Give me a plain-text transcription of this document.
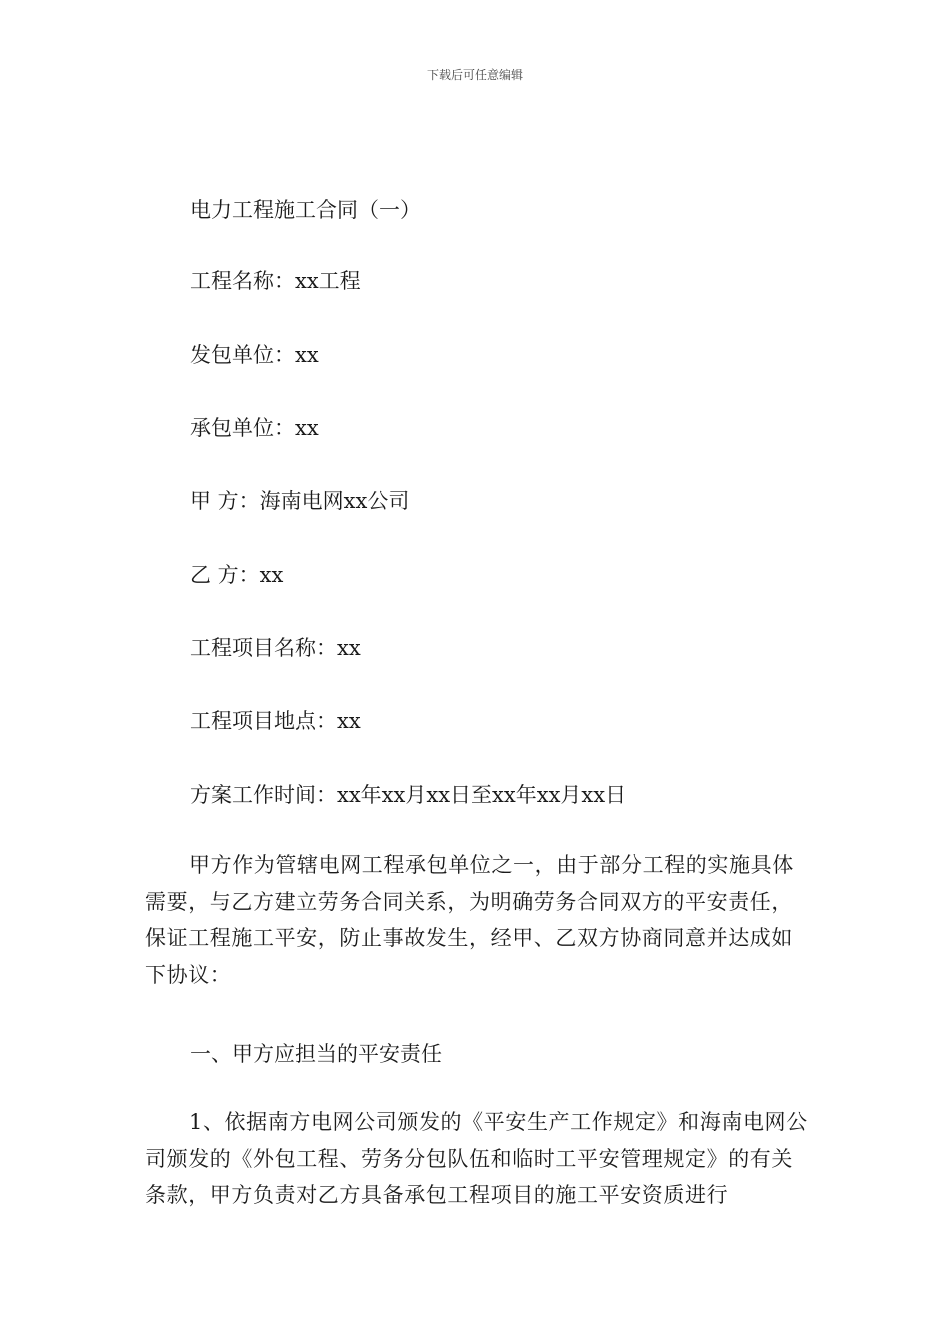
下载后可任意编辑
电力工程施工合同（一）
工程名称：xx工程
发包单位：xx
承包单位：xx
甲 方：海南电网xx公司
乙 方：xx
工程项目名称：xx
工程项目地点：xx
方案工作时间：xx年xx月xx日至xx年xx月xx日
甲方作为管辖电网工程承包单位之一，由于部分工程的实施具体需要，与乙方建立劳务合同关系，为明确劳务合同双方的平安责任，保证工程施工平安，防止事故发生，经甲、乙双方协商同意并达成如下协议：
一、甲方应担当的平安责任
1、依据南方电网公司颁发的《平安生产工作规定》和海南电网公司颁发的《外包工程、劳务分包队伍和临时工平安管理规定》的有关条款，甲方负责对乙方具备承包工程项目的施工平安资质进行
